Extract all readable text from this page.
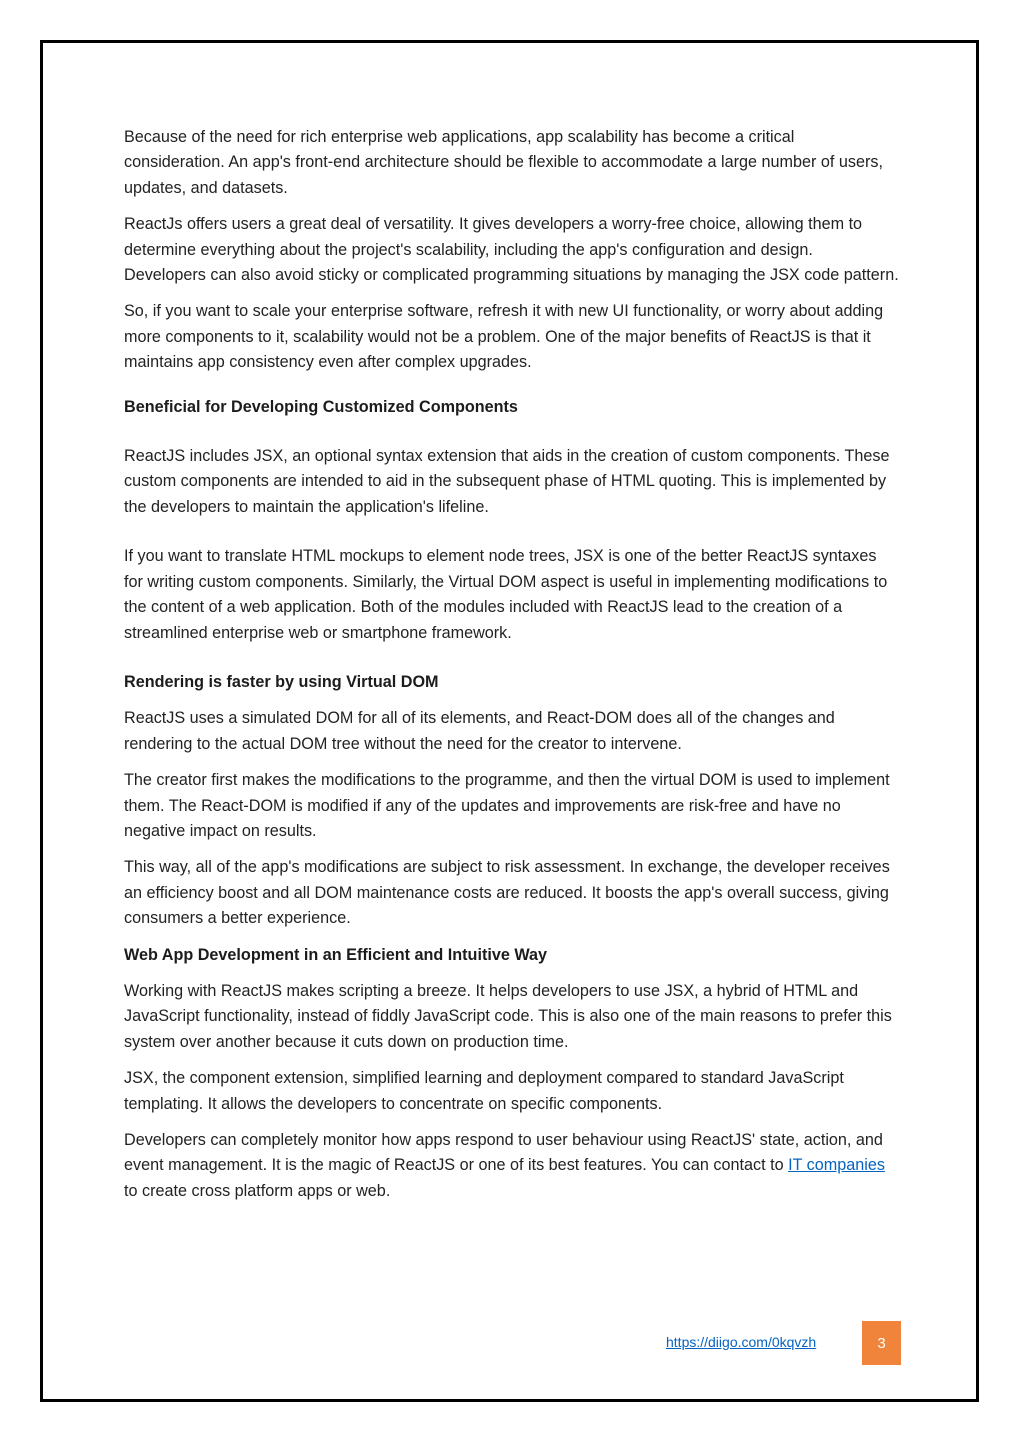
Because of the need for rich enterprise web applications, app scalability has become a critical consideration. An app's front-end architecture should be flexible to accommodate a large number of users, updates, and datasets.

ReactJs offers users a great deal of versatility. It gives developers a worry-free choice, allowing them to determine everything about the project's scalability, including the app's configuration and design. Developers can also avoid sticky or complicated programming situations by managing the JSX code pattern.

So, if you want to scale your enterprise software, refresh it with new UI functionality, or worry about adding more components to it, scalability would not be a problem. One of the major benefits of ReactJS is that it maintains app consistency even after complex upgrades.

Beneficial for Developing Customized Components

ReactJS includes JSX, an optional syntax extension that aids in the creation of custom components. These custom components are intended to aid in the subsequent phase of HTML quoting. This is implemented by the developers to maintain the application's lifeline.

If you want to translate HTML mockups to element node trees, JSX is one of the better ReactJS syntaxes for writing custom components. Similarly, the Virtual DOM aspect is useful in implementing modifications to the content of a web application. Both of the modules included with ReactJS lead to the creation of a streamlined enterprise web or smartphone framework.

Rendering is faster by using Virtual DOM

ReactJS uses a simulated DOM for all of its elements, and React-DOM does all of the changes and rendering to the actual DOM tree without the need for the creator to intervene.

The creator first makes the modifications to the programme, and then the virtual DOM is used to implement them. The React-DOM is modified if any of the updates and improvements are risk-free and have no negative impact on results.

This way, all of the app's modifications are subject to risk assessment. In exchange, the developer receives an efficiency boost and all DOM maintenance costs are reduced. It boosts the app's overall success, giving consumers a better experience.

Web App Development in an Efficient and Intuitive Way

Working with ReactJS makes scripting a breeze. It helps developers to use JSX, a hybrid of HTML and JavaScript functionality, instead of fiddly JavaScript code. This is also one of the main reasons to prefer this system over another because it cuts down on production time.

JSX, the component extension, simplified learning and deployment compared to standard JavaScript templating. It allows the developers to concentrate on specific components.

Developers can completely monitor how apps respond to user behaviour using ReactJS' state, action, and event management. It is the magic of ReactJS or one of its best features. You can contact to IT companies to create cross platform apps or web.

https://diigo.com/0kqvzh	3
